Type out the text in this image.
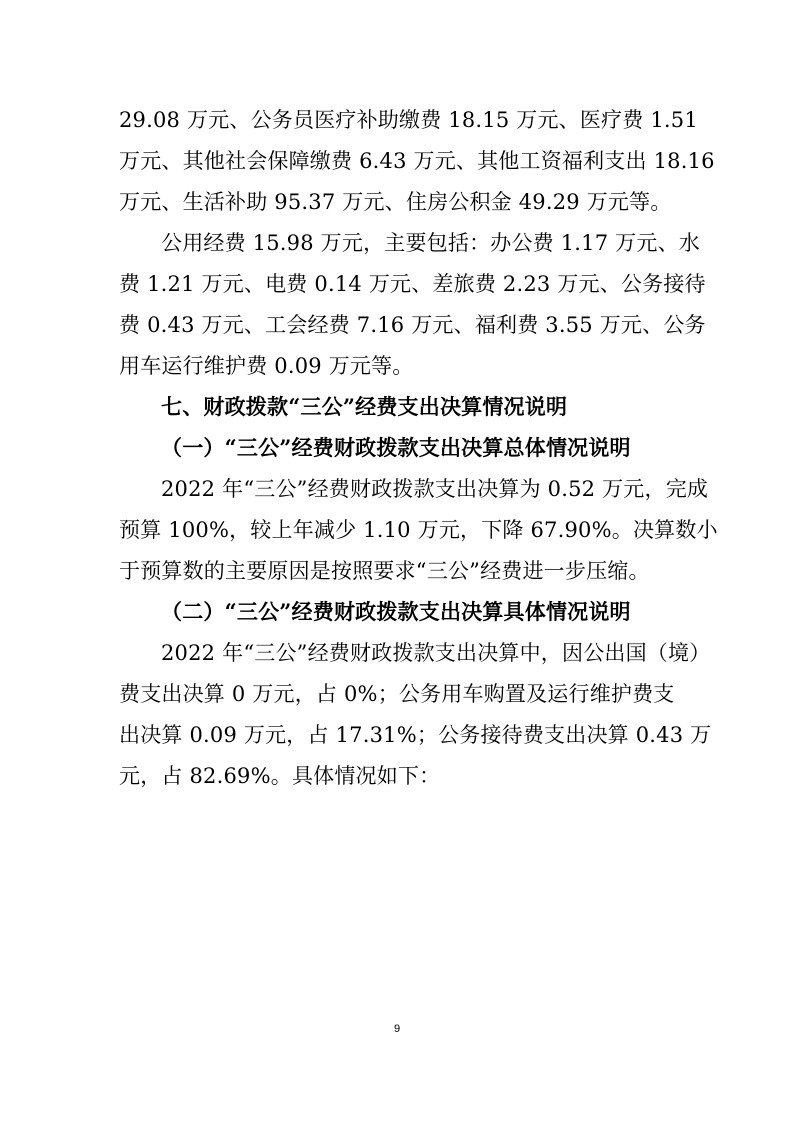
29.08 万元、公务员医疗补助缴费 18.15 万元、医疗费 1.51
万元、其他社会保障缴费 6.43 万元、其他工资福利支出 18.16
万元、生活补助 95.37 万元、住房公积金 49.29 万元等。
公用经费 15.98 万元，主要包括：办公费 1.17 万元、水
费 1.21 万元、电费 0.14 万元、差旅费 2.23 万元、公务接待
费 0.43 万元、工会经费 7.16 万元、福利费 3.55 万元、公务
用车运行维护费 0.09 万元等。
七、财政拨款“三公”经费支出决算情况说明
（一）“三公”经费财政拨款支出决算总体情况说明
2022 年“三公”经费财政拨款支出决算为 0.52 万元，完成
预算 100%，较上年减少 1.10 万元，下降 67.90%。决算数小
于预算数的主要原因是按照要求“三公”经费进一步压缩。
（二）“三公”经费财政拨款支出决算具体情况说明
2022 年“三公”经费财政拨款支出决算中，因公出国（境）
费支出决算 0 万元，占 0%；公务用车购置及运行维护费支
出决算 0.09 万元，占 17.31%；公务接待费支出决算 0.43 万
元，占 82.69%。具体情况如下：
9
